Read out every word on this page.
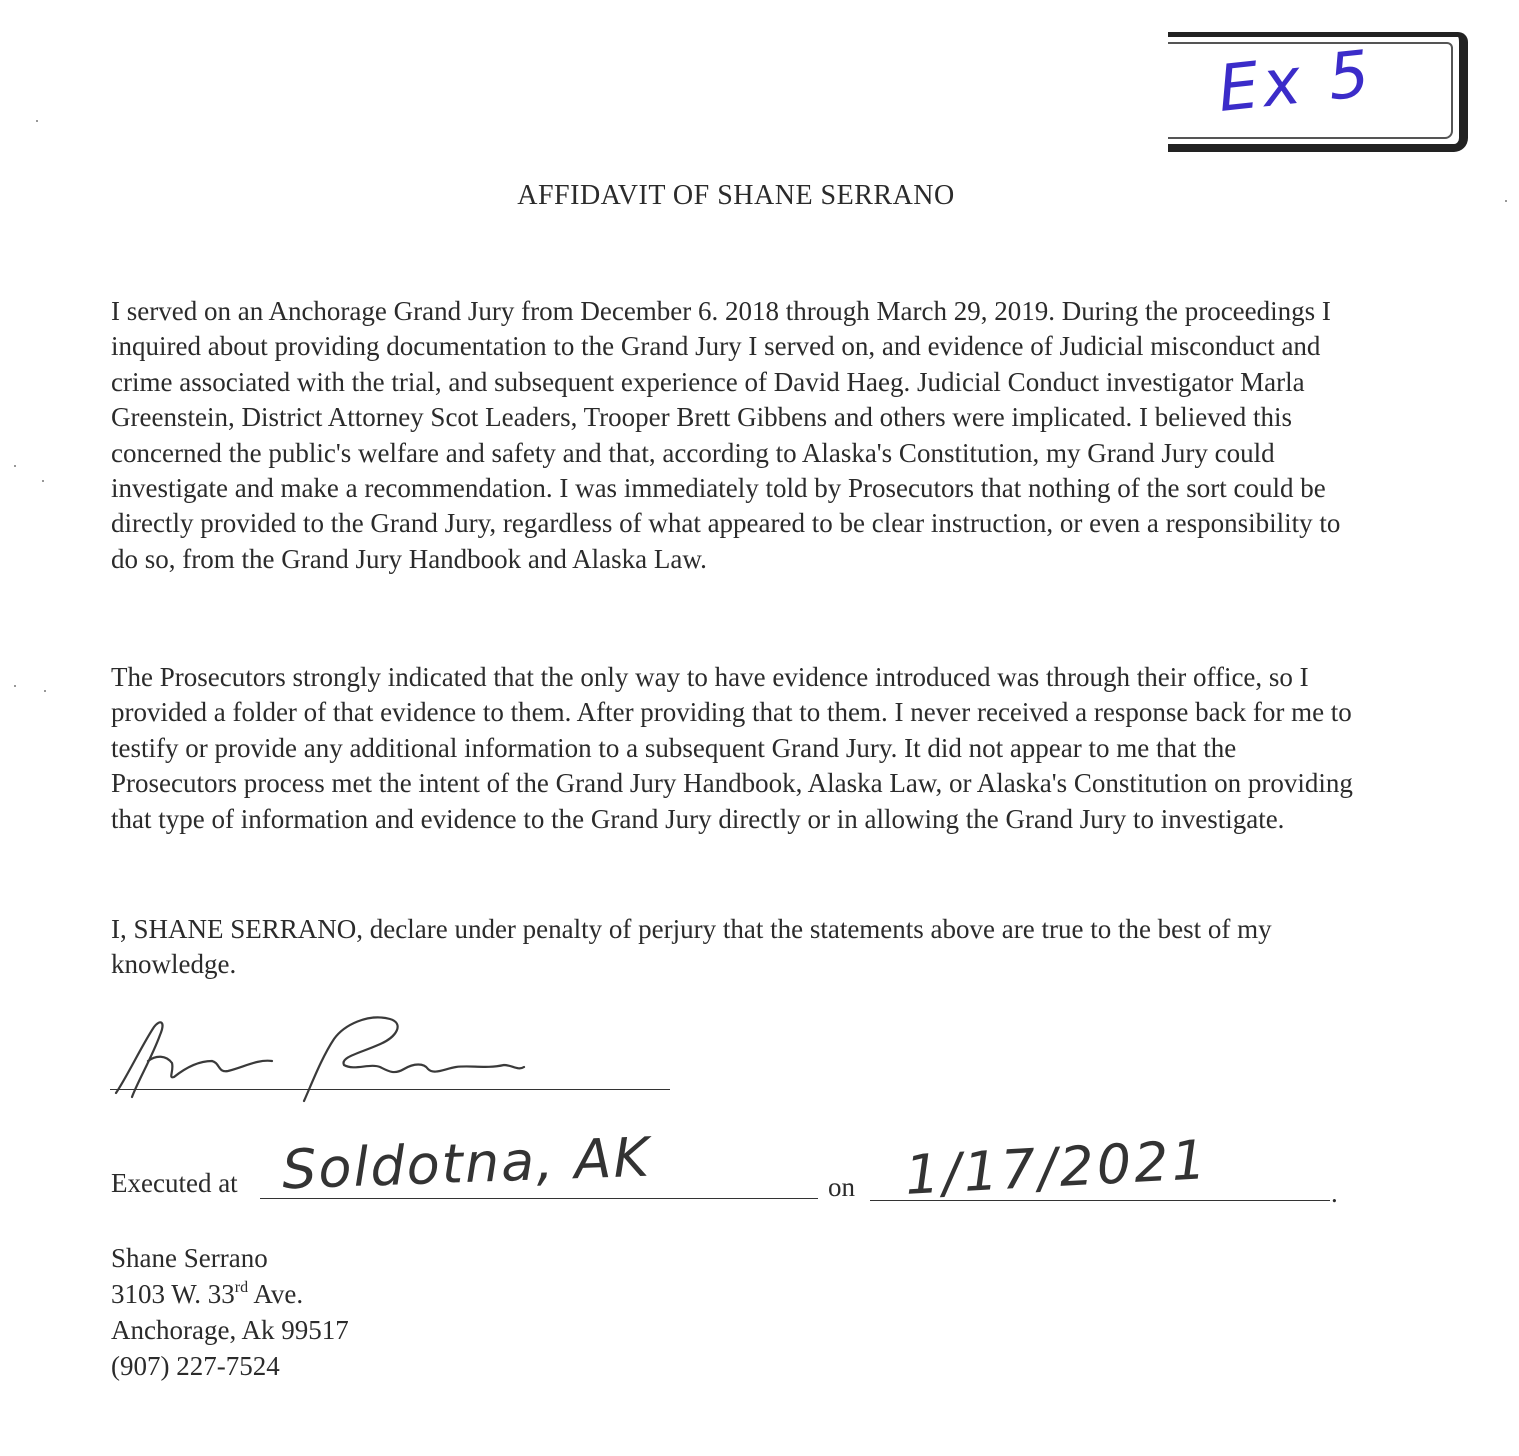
Ex 5
AFFIDAVIT OF SHANE SERRANO

I served on an Anchorage Grand Jury from December 6. 2018 through March 29, 2019. During the proceedings I inquired about providing documentation to the Grand Jury I served on, and evidence of Judicial misconduct and crime associated with the trial, and subsequent experience of David Haeg. Judicial Conduct investigator Marla Greenstein, District Attorney Scot Leaders, Trooper Brett Gibbens and others were implicated. I believed this concerned the public's welfare and safety and that, according to Alaska's Constitution, my Grand Jury could investigate and make a recommendation. I was immediately told by Prosecutors that nothing of the sort could be directly provided to the Grand Jury, regardless of what appeared to be clear instruction, or even a responsibility to do so, from the Grand Jury Handbook and Alaska Law.

The Prosecutors strongly indicated that the only way to have evidence introduced was through their office, so I provided a folder of that evidence to them. After providing that to them. I never received a response back for me to testify or provide any additional information to a subsequent Grand Jury. It did not appear to me that the Prosecutors process met the intent of the Grand Jury Handbook, Alaska Law, or Alaska's Constitution on providing that type of information and evidence to the Grand Jury directly or in allowing the Grand Jury to investigate.

I, SHANE SERRANO, declare under penalty of perjury that the statements above are true to the best of my knowledge.

Executed at Soldotna, AK	on 1/17/2021	.
Shane Serrano
3103 W. 33rd Ave.
Anchorage, Ak 99517
(907) 227-7524
